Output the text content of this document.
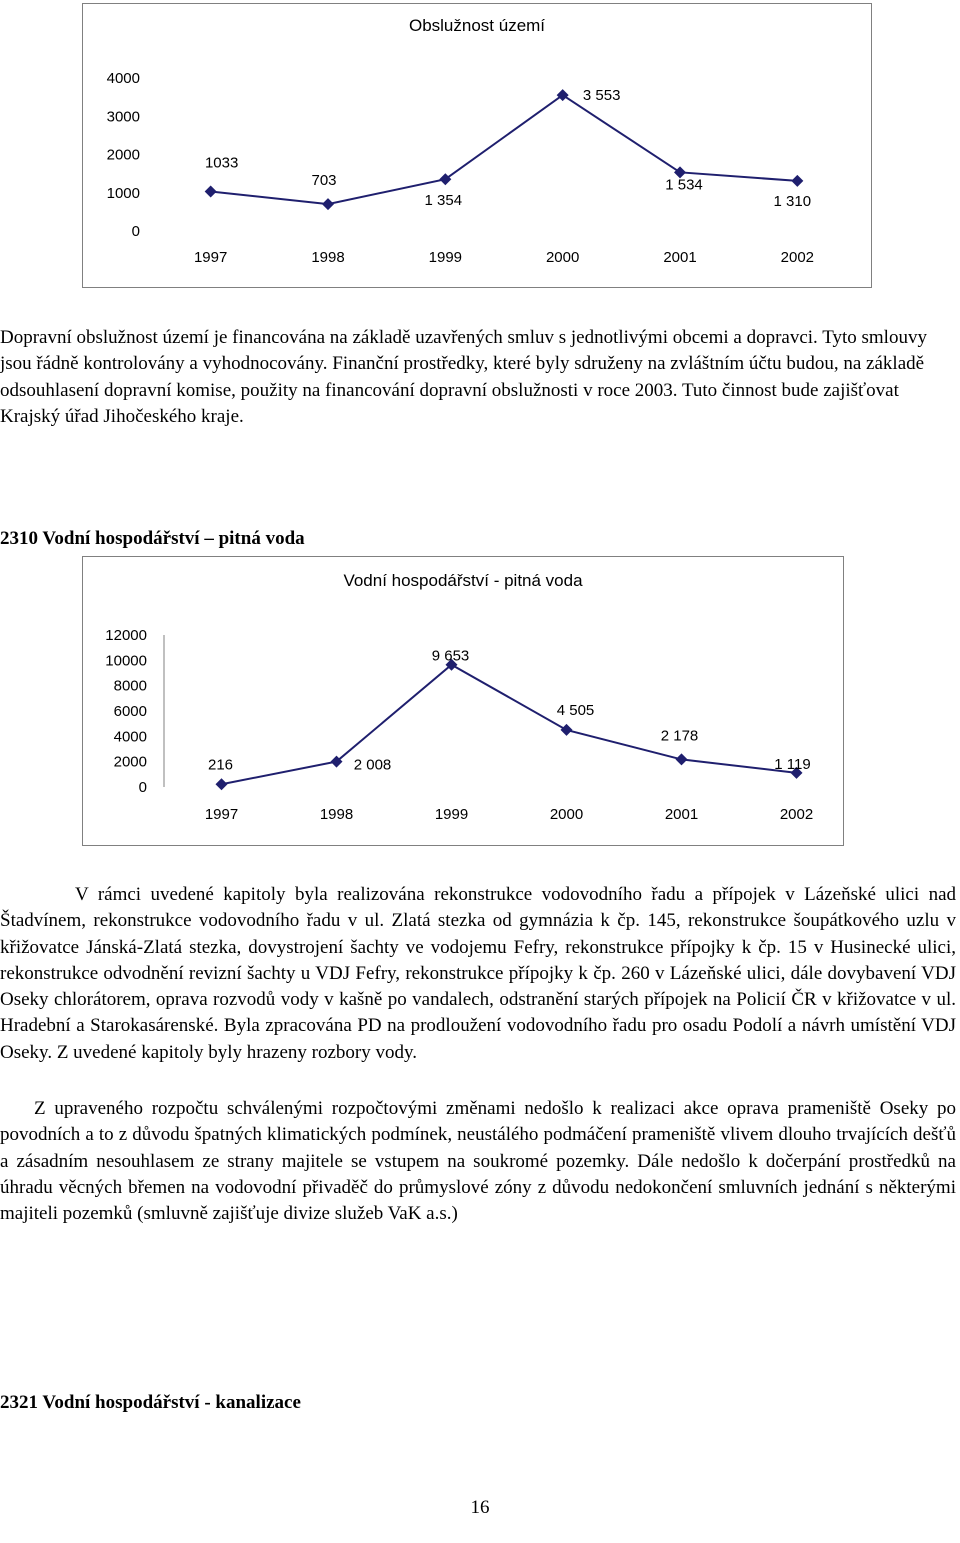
Obslužnost území
4000
3000
2000
1000
0
1997	1998	1999	2000	2001	2002
1033
703
1 354
3 553
1 534
1 310
Dopravní obslužnost území je financována na základě uzavřených smluv s jednotlivými obcemi a dopravci. Tyto smlouvy jsou řádně kontrolovány a vyhodnocovány. Finanční prostředky, které byly sdruženy na zvláštním účtu budou, na základě odsouhlasení dopravní komise, použity na financování dopravní obslužnosti v roce 2003. Tuto činnost bude zajišťovat Krajský úřad Jihočeského kraje.
2310 Vodní hospodářství – pitná voda
Vodní hospodářství - pitná voda
12000
10000
8000
6000
4000
2000
0
1997	1998	1999	2000	2001	2002
216	2 008
9 653
4 505
2 178
1 119
V rámci uvedené kapitoly byla realizována rekonstrukce vodovodního řadu a přípojek v Lázeňské ulici nad Štadvínem, rekonstrukce vodovodního řadu v ul. Zlatá stezka od gymnázia k čp. 145, rekonstrukce šoupátkového uzlu v křižovatce Jánská-Zlatá stezka, dovystrojení šachty ve vodojemu Fefry, rekonstrukce přípojky k čp. 15 v Husinecké ulici, rekonstrukce odvodnění revizní šachty u VDJ Fefry, rekonstrukce přípojky k čp. 260 v Lázeňské ulici, dále dovybavení VDJ Oseky chlorátorem, oprava rozvodů vody v kašně po vandalech, odstranění starých přípojek na Policií ČR v křižovatce v ul. Hradební a Starokasárenské. Byla zpracována PD na prodloužení vodovodního řadu pro osadu Podolí a návrh umístění VDJ Oseky. Z uvedené kapitoly byly hrazeny rozbory vody.
Z upraveného rozpočtu schválenými rozpočtovými změnami nedošlo k realizaci akce oprava prameniště Oseky po povodních a to z důvodu špatných klimatických podmínek, neustálého podmáčení prameniště vlivem dlouho trvajících dešťů a zásadním nesouhlasem ze strany majitele se vstupem na soukromé pozemky. Dále nedošlo k dočerpání prostředků na úhradu věcných břemen na vodovodní přivaděč do průmyslové zóny z důvodu nedokončení smluvních jednání s některými majiteli pozemků (smluvně zajišťuje divize služeb VaK a.s.)
2321 Vodní hospodářství - kanalizace
16
